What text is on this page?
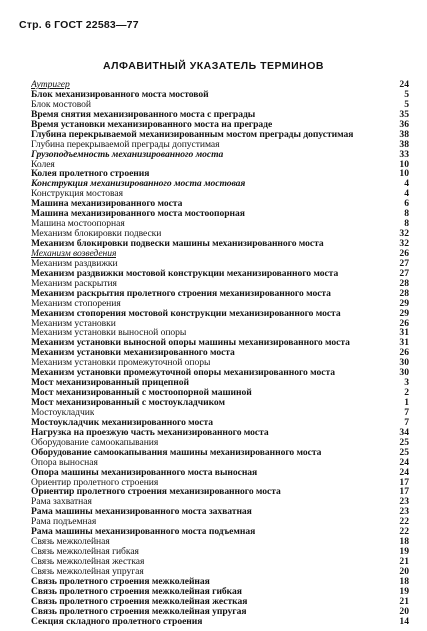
Стр. 6 ГОСТ 22583—77
АЛФАВИТНЫЙ УКАЗАТЕЛЬ ТЕРМИНОВ
Аутригер	24
Блок механизированного моста мостовой	5
Блок мостовой	5
Время снятия механизированного моста с преграды	35
Время установки механизированного моста на преграде	36
Глубина перекрываемой механизированным мостом преграды допустимая	38
Глубина перекрываемой преграды допустимая	38
Грузоподъемность механизированного моста	33
Колея	10
Колея пролетного строения	10
Конструкция механизированного моста мостовая	4
Конструкция мостовая	4
Машина механизированного моста	6
Машина механизированного моста мостоопорная	8
Машина мостоопорная	8
Механизм блокировки подвески	32
Механизм блокировки подвески машины механизированного моста	32
Механизм возведения	26
Механизм раздвижки	27
Механизм раздвижки мостовой конструкции механизированного моста	27
Механизм раскрытия	28
Механизм раскрытия пролетного строения механизированного моста	28
Механизм стопорения	29
Механизм стопорения мостовой конструкции механизированного моста	29
Механизм установки	26
Механизм установки выносной опоры	31
Механизм установки выносной опоры машины механизированного моста	31
Механизм установки механизированного моста	26
Механизм установки промежуточной опоры	30
Механизм установки промежуточной опоры механизированного моста	30
Мост механизированный прицепной	3
Мост механизированный с мостоопорной машиной	2
Мост механизированный с мостоукладчиком	1
Мостоукладчик	7
Мостоукладчик механизированного моста	7
Нагрузка на проезжую часть механизированного моста	34
Оборудование самоокапывания	25
Оборудование самоокапывания машины механизированного моста	25
Опора выносная	24
Опора машины механизированного моста выносная	24
Ориентир пролетного строения	17
Ориентир пролетного строения механизированного моста	17
Рама захватная	23
Рама машины механизированного моста захватная	23
Рама подъемная	22
Рама машины механизированного моста подъемная	22
Связь межколейная	18
Связь межколейная гибкая	19
Связь межколейная жесткая	21
Связь межколейная упругая	20
Связь пролетного строения межколейная	18
Связь пролетного строения межколейная гибкая	19
Связь пролетного строения межколейная жесткая	21
Связь пролетного строения межколейная упругая	20
Секция складного пролетного строения	14
